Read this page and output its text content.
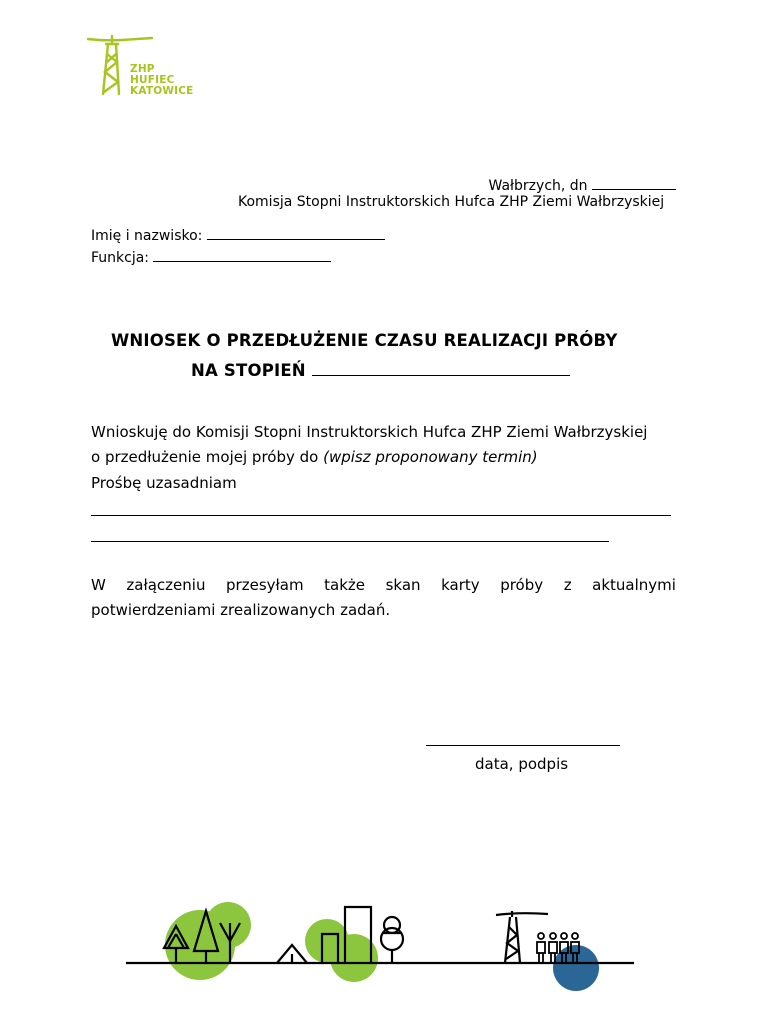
ZHP
HUFIEC
KATOWICE
Wałbrzych, dn
Komisja Stopni Instruktorskich Hufca ZHP Ziemi Wałbrzyskiej
Imię i nazwisko:
Funkcja:
WNIOSEK O PRZEDŁUŻENIE CZASU REALIZACJI PRÓBY
NA STOPIEŃ
Wnioskuję do Komisji Stopni Instruktorskich Hufca ZHP Ziemi Wałbrzyskiej
o przedłużenie mojej próby do (wpisz proponowany termin)
Prośbę uzasadniam
W załączeniu przesyłam także skan karty próby z aktualnymi
potwierdzeniami zrealizowanych zadań.
data, podpis
